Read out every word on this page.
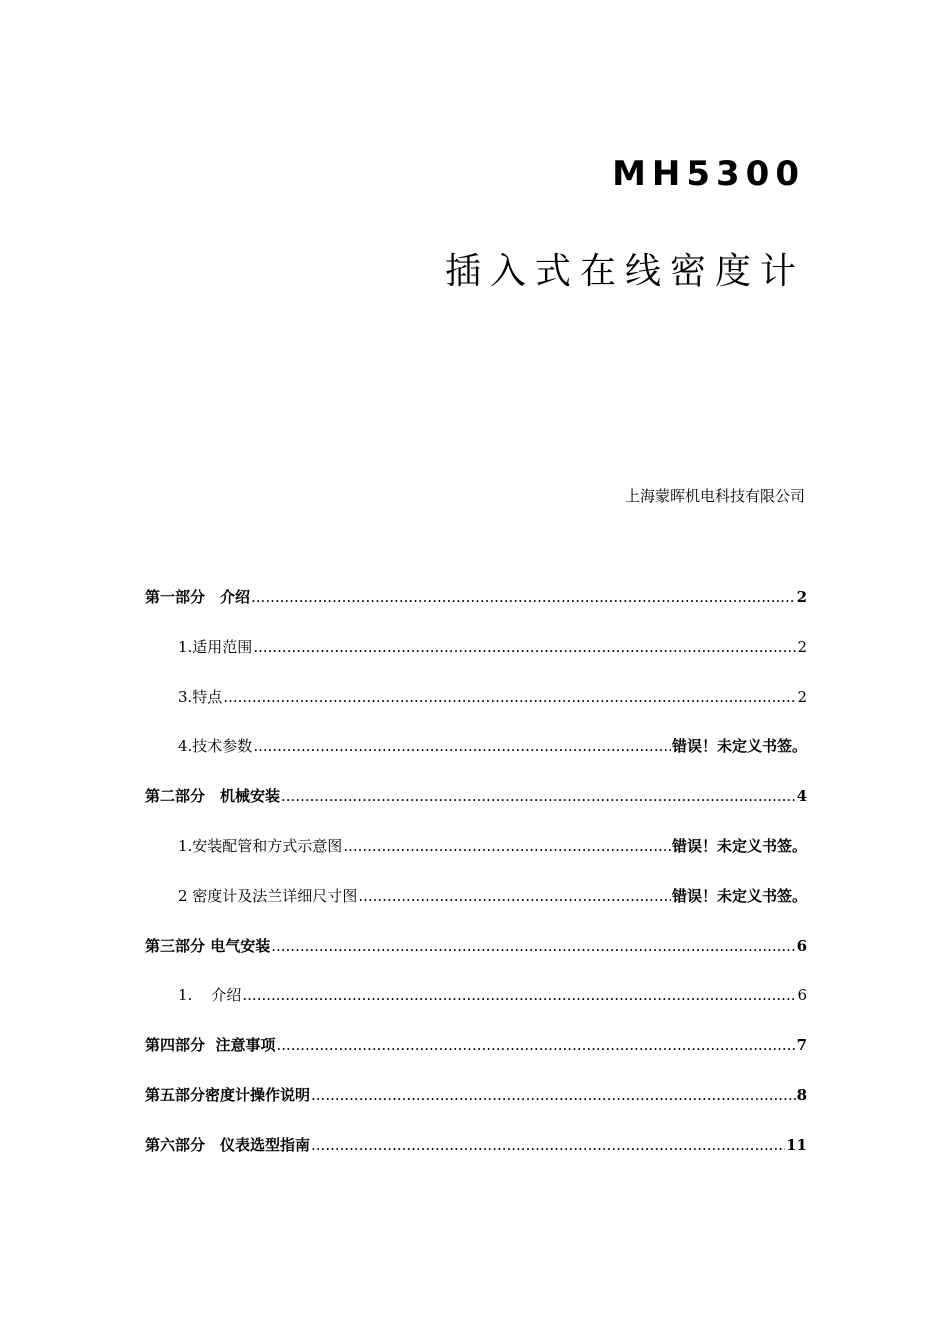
MH5300
插入式在线密度计
上海蒙晖机电科技有限公司
第一部分　介绍 .....	2
1.适用范围 .....	2
3.特点 .....	2
4.技术参数 .....	错误！未定义书签。
第二部分　机械安装 .....	4
1.安装配管和方式示意图 .....	错误！未定义书签。
2 密度计及法兰详细尺寸图 .....	错误！未定义书签。
第三部分 电气安装 .....	6
1.    介绍 .....	6
第四部分  注意事项 .....	7
第五部分密度计操作说明 .....	8
第六部分　仪表选型指南 .....	11
